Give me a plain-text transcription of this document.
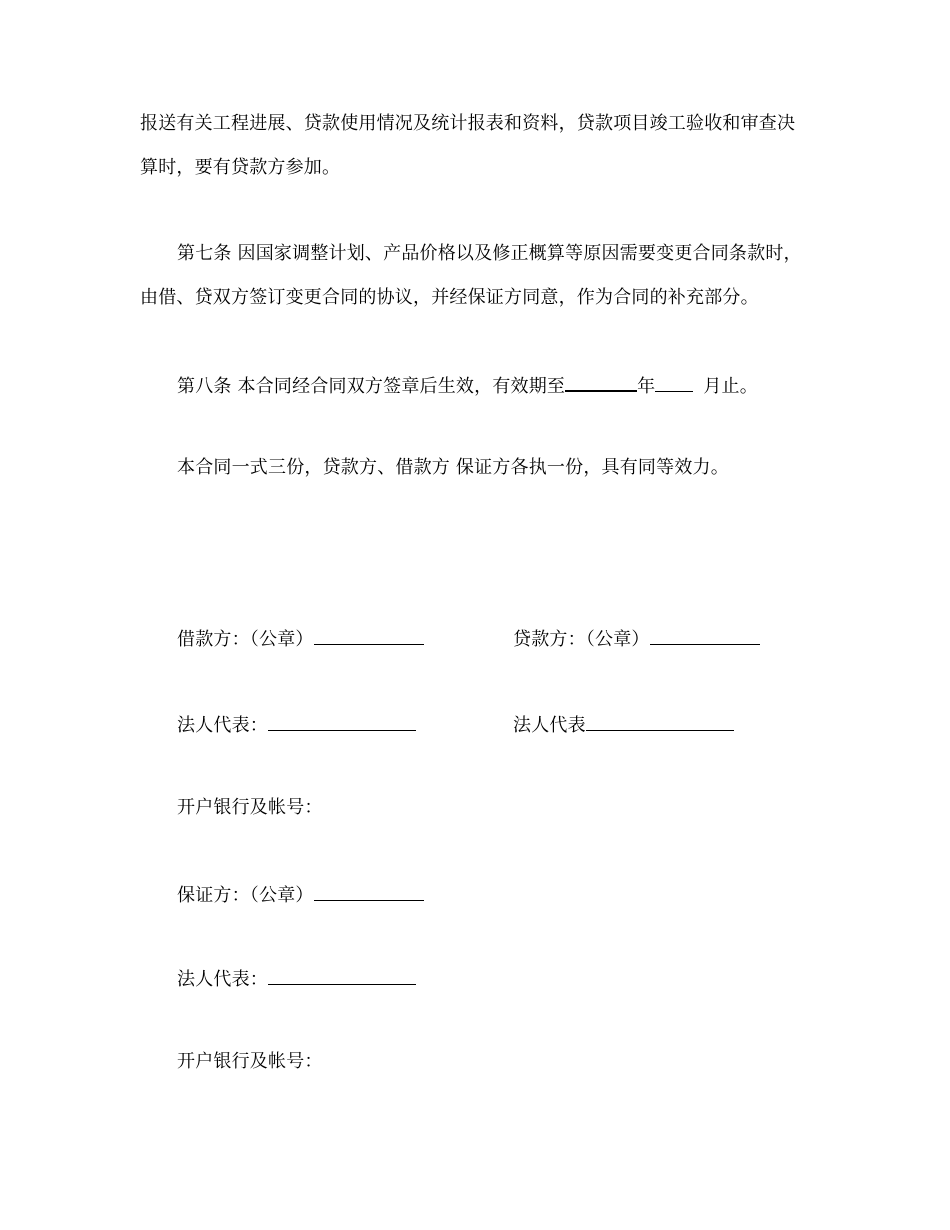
报送有关工程进展、贷款使用情况及统计报表和资料，贷款项目竣工验收和审查决
算时，要有贷款方参加。
第七条 因国家调整计划、产品价格以及修正概算等原因需要变更合同条款时，
由借、贷双方签订变更合同的协议，并经保证方同意，作为合同的补充部分。
第八条 本合同经合同双方签章后生效，有效期至	年	月止。
本合同一式三份，贷款方、借款方 保证方各执一份，具有同等效力。
借款方：（公章）	贷款方：（公章）
法人代表：	法人代表
开户银行及帐号：
保证方：（公章）
法人代表：
开户银行及帐号：
